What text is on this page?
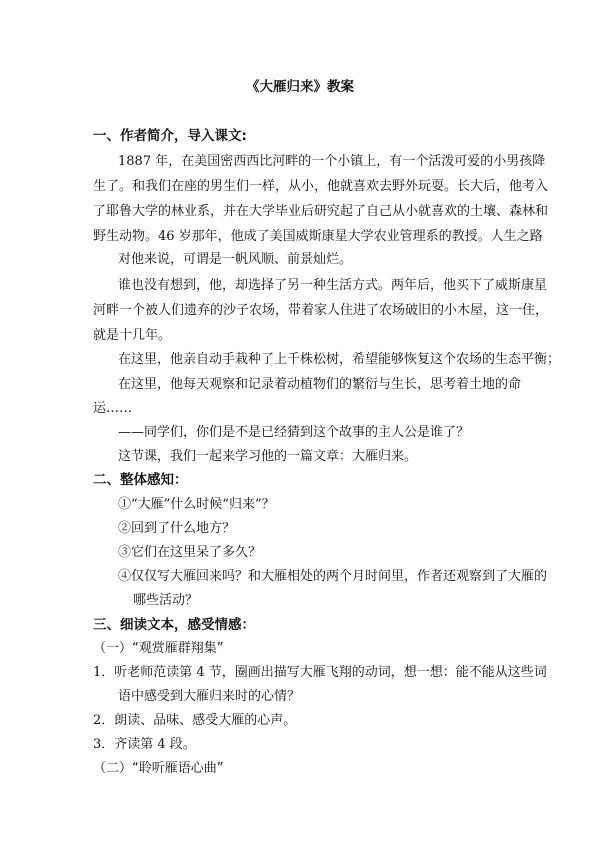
《大雁归来》教案
一、作者简介，导入课文:
1887 年，在美国密西西比河畔的一个小镇上，有一个活泼可爱的小男孩降
生了。和我们在座的男生们一样，从小，他就喜欢去野外玩耍。长大后，他考入
了耶鲁大学的林业系，并在大学毕业后研究起了自己从小就喜欢的土壤、森林和
野生动物。46 岁那年，他成了美国威斯康星大学农业管理系的教授。人生之路
对他来说，可谓是一帆风顺、前景灿烂。
谁也没有想到，他，却选择了另一种生活方式。两年后，他买下了威斯康星
河畔一个被人们遗弃的沙子农场，带着家人住进了农场破旧的小木屋，这一住，
就是十几年。
在这里，他亲自动手栽种了上千株松树，希望能够恢复这个农场的生态平衡；
在这里，他每天观察和记录着动植物们的繁衍与生长，思考着土地的命
运……
——同学们，你们是不是已经猜到这个故事的主人公是谁了？
这节课，我们一起来学习他的一篇文章：大雁归来。
二、整体感知：
①“大雁”什么时候“归来”？
②回到了什么地方？
③它们在这里呆了多久？
④仅仅写大雁回来吗？和大雁相处的两个月时间里，作者还观察到了大雁的
哪些活动？
三、细读文本，感受情感：
（一）“观赏雁群翔集”
1．听老师范读第 4 节，圈画出描写大雁飞翔的动词，想一想：能不能从这些词
语中感受到大雁归来时的心情？
2．朗读、品味、感受大雁的心声。
3．齐读第 4 段。
（二）“聆听雁语心曲”
